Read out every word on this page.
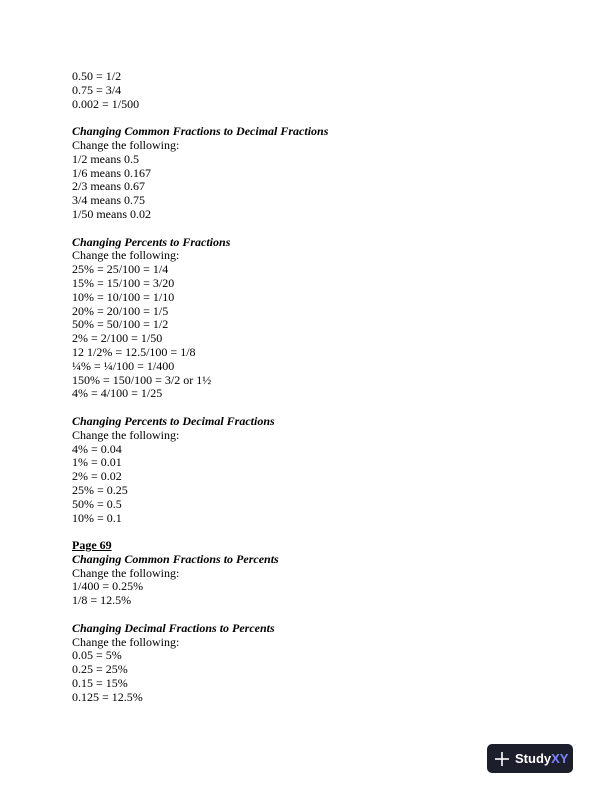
0.50 = 1/2
0.75 = 3/4
0.002 = 1/500
Changing Common Fractions to Decimal Fractions
Change the following:
1/2 means 0.5
1/6 means 0.167
2/3 means 0.67
3/4 means 0.75
1/50 means 0.02
Changing Percents to Fractions
Change the following:
25% = 25/100 = 1/4
15% = 15/100 = 3/20
10% = 10/100 = 1/10
20% = 20/100 = 1/5
50% = 50/100 = 1/2
2% = 2/100 = 1/50
12 1/2% = 12.5/100 = 1/8
¼% = ¼/100 = 1/400
150% = 150/100 = 3/2 or 1½
4% = 4/100 = 1/25
Changing Percents to Decimal Fractions
Change the following:
4% = 0.04
1% = 0.01
2% = 0.02
25% = 0.25
50% = 0.5
10% = 0.1
Page 69
Changing Common Fractions to Percents
Change the following:
1/400 = 0.25%
1/8 = 12.5%
Changing Decimal Fractions to Percents
Change the following:
0.05 = 5%
0.25 = 25%
0.15 = 15%
0.125 = 12.5%
StudyXY
